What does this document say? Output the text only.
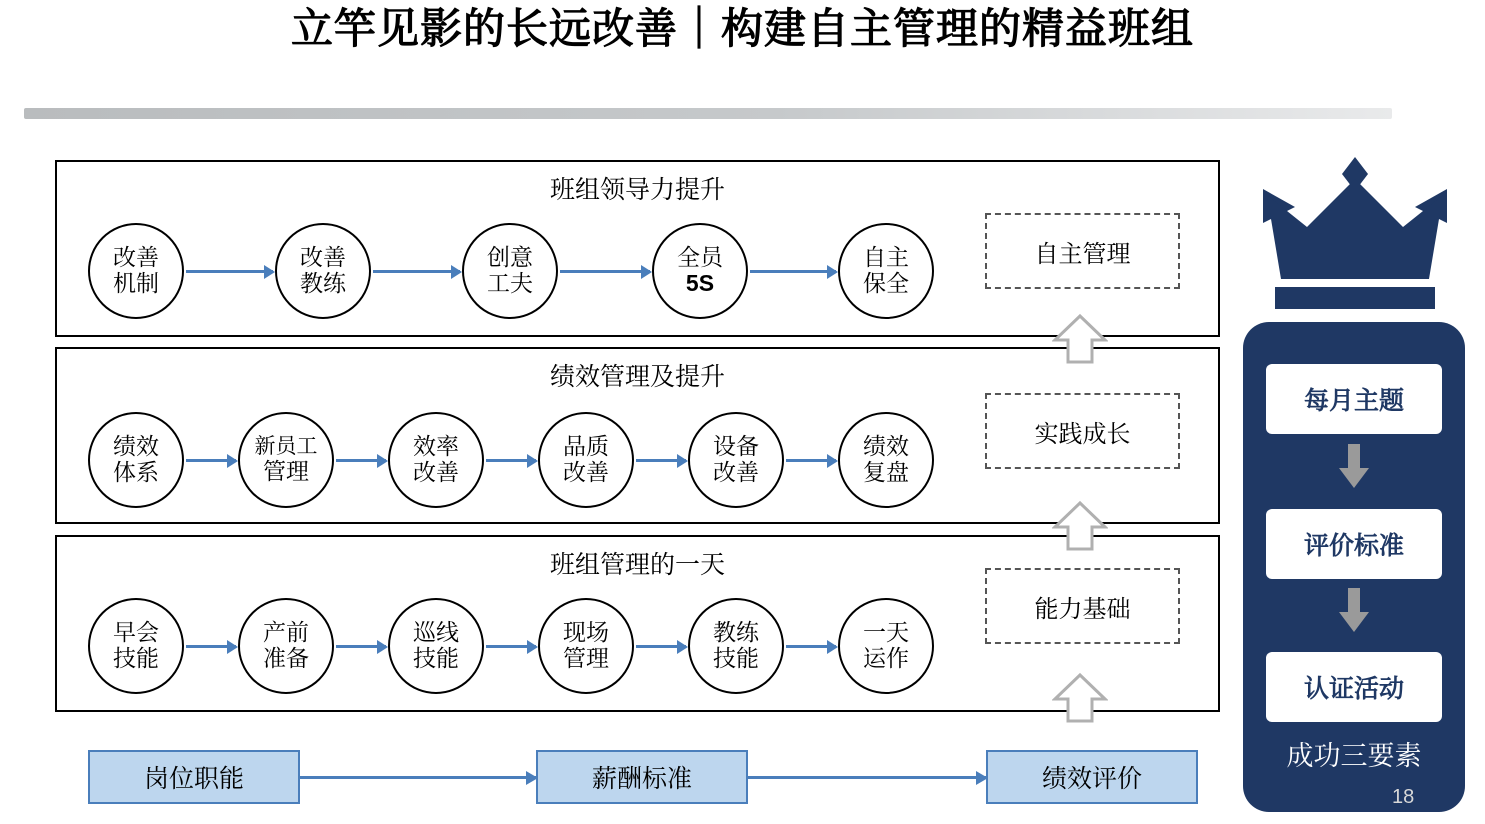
立竿见影的长远改善｜构建自主管理的精益班组
班组领导力提升
改善
机制
改善
教练
创意
工夫
全员
5S
自主
保全
自主管理
绩效管理及提升
绩效
体系
新员工
管理
效率
改善
品质
改善
设备
改善
绩效
复盘
实践成长
班组管理的一天
早会
技能
产前
准备
巡线
技能
现场
管理
教练
技能
一天
运作
能力基础
岗位职能	薪酬标准	绩效评价
每月主题
评价标准
认证活动
成功三要素
18
